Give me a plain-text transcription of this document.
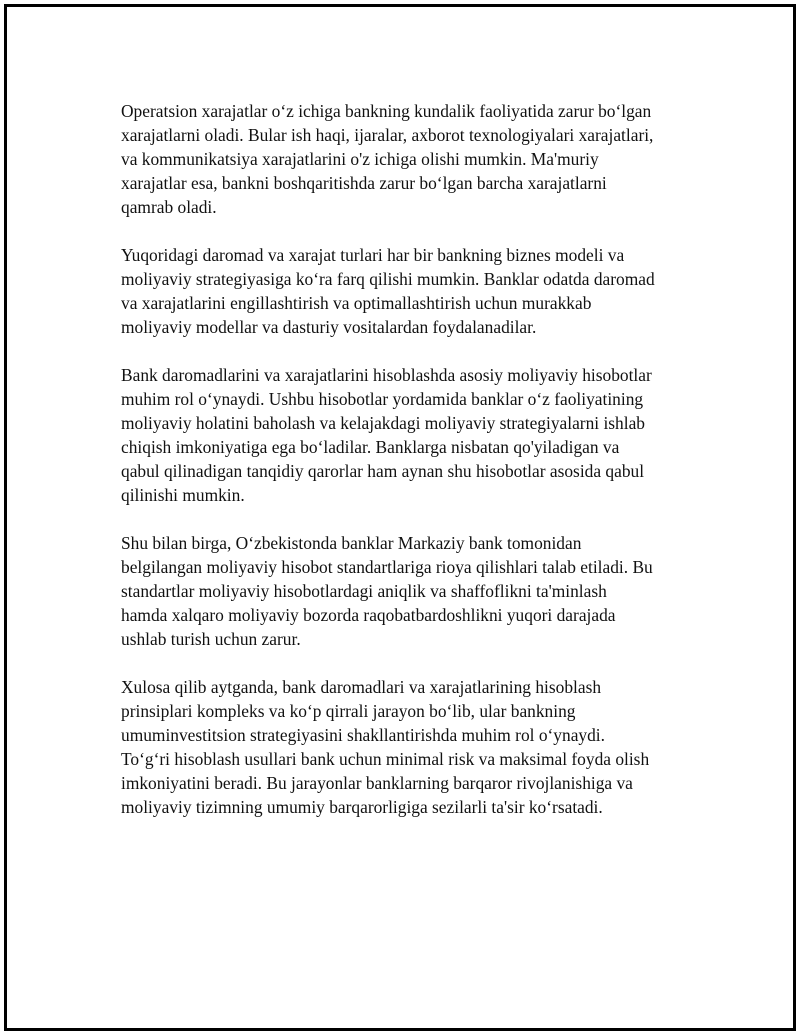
Operatsion xarajatlar o‘z ichiga bankning kundalik faoliyatida zarur bo‘lgan
xarajatlarni oladi. Bular ish haqi, ijaralar, axborot texnologiyalari xarajatlari,
va kommunikatsiya xarajatlarini o'z ichiga olishi mumkin. Ma'muriy
xarajatlar esa, bankni boshqaritishda zarur bo‘lgan barcha xarajatlarni
qamrab oladi.

Yuqoridagi daromad va xarajat turlari har bir bankning biznes modeli va
moliyaviy strategiyasiga ko‘ra farq qilishi mumkin. Banklar odatda daromad
va xarajatlarini engillashtirish va optimallashtirish uchun murakkab
moliyaviy modellar va dasturiy vositalardan foydalanadilar.

Bank daromadlarini va xarajatlarini hisoblashda asosiy moliyaviy hisobotlar
muhim rol o‘ynaydi. Ushbu hisobotlar yordamida banklar o‘z faoliyatining
moliyaviy holatini baholash va kelajakdagi moliyaviy strategiyalarni ishlab
chiqish imkoniyatiga ega bo‘ladilar. Banklarga nisbatan qo'yiladigan va
qabul qilinadigan tanqidiy qarorlar ham aynan shu hisobotlar asosida qabul
qilinishi mumkin.

Shu bilan birga, O‘zbekistonda banklar Markaziy bank tomonidan
belgilangan moliyaviy hisobot standartlariga rioya qilishlari talab etiladi. Bu
standartlar moliyaviy hisobotlardagi aniqlik va shaffoflikni ta'minlash
hamda xalqaro moliyaviy bozorda raqobatbardoshlikni yuqori darajada
ushlab turish uchun zarur.

Xulosa qilib aytganda, bank daromadlari va xarajatlarining hisoblash
prinsiplari kompleks va ko‘p qirrali jarayon bo‘lib, ular bankning
umuminvestitsion strategiyasini shakllantirishda muhim rol o‘ynaydi.
To‘g‘ri hisoblash usullari bank uchun minimal risk va maksimal foyda olish
imkoniyatini beradi. Bu jarayonlar banklarning barqaror rivojlanishiga va
moliyaviy tizimning umumiy barqarorligiga sezilarli ta'sir ko‘rsatadi.
